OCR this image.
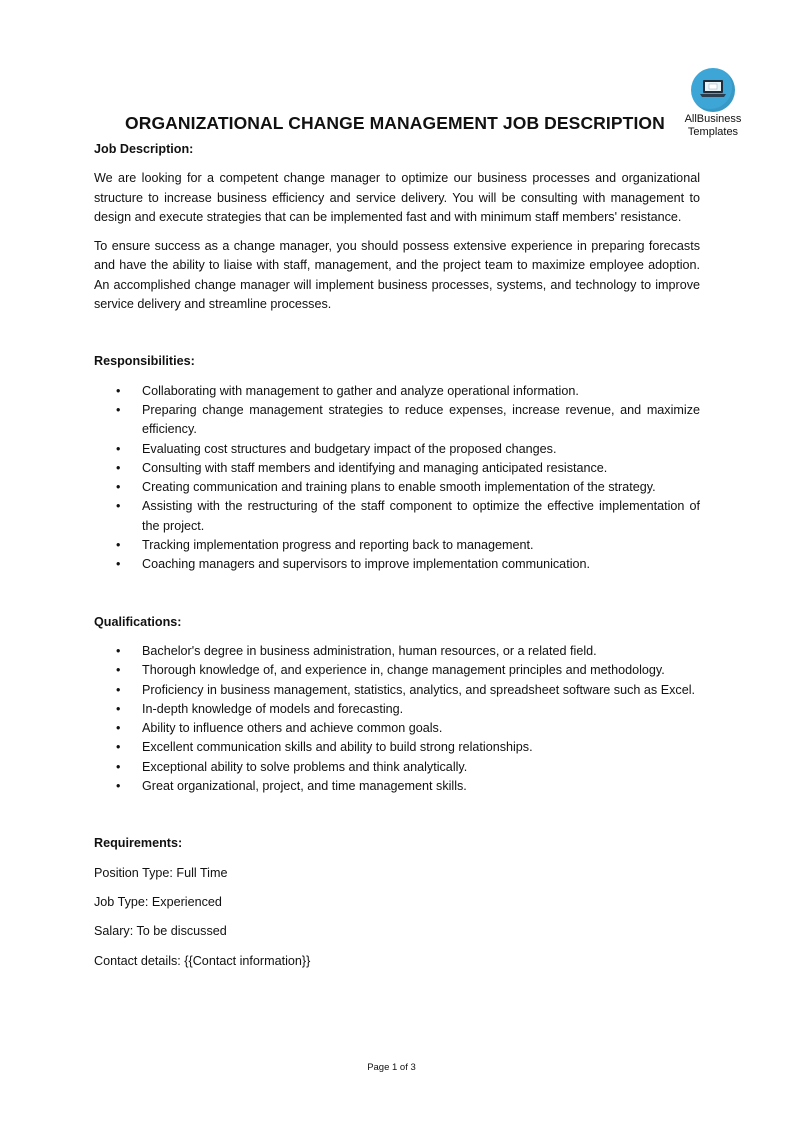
AllBusiness
Templates
ORGANIZATIONAL CHANGE MANAGEMENT JOB DESCRIPTION

Job Description:

We are looking for a competent change manager to optimize our business processes and organizational structure to increase business efficiency and service delivery. You will be consulting with management to design and execute strategies that can be implemented fast and with minimum staff members' resistance.

To ensure success as a change manager, you should possess extensive experience in preparing forecasts and have the ability to liaise with staff, management, and the project team to maximize employee adoption. An accomplished change manager will implement business processes, systems, and technology to improve service delivery and streamline processes.

Responsibilities:

• Collaborating with management to gather and analyze operational information.
• Preparing change management strategies to reduce expenses, increase revenue, and maximize efficiency.
• Evaluating cost structures and budgetary impact of the proposed changes.
• Consulting with staff members and identifying and managing anticipated resistance.
• Creating communication and training plans to enable smooth implementation of the strategy.
• Assisting with the restructuring of the staff component to optimize the effective implementation of the project.
• Tracking implementation progress and reporting back to management.
• Coaching managers and supervisors to improve implementation communication.

Qualifications:

• Bachelor's degree in business administration, human resources, or a related field.
• Thorough knowledge of, and experience in, change management principles and methodology.
• Proficiency in business management, statistics, analytics, and spreadsheet software such as Excel.
• In-depth knowledge of models and forecasting.
• Ability to influence others and achieve common goals.
• Excellent communication skills and ability to build strong relationships.
• Exceptional ability to solve problems and think analytically.
• Great organizational, project, and time management skills.

Requirements:

Position Type: Full Time

Job Type: Experienced

Salary: To be discussed

Contact details: {{Contact information}}

Page 1 of 3
